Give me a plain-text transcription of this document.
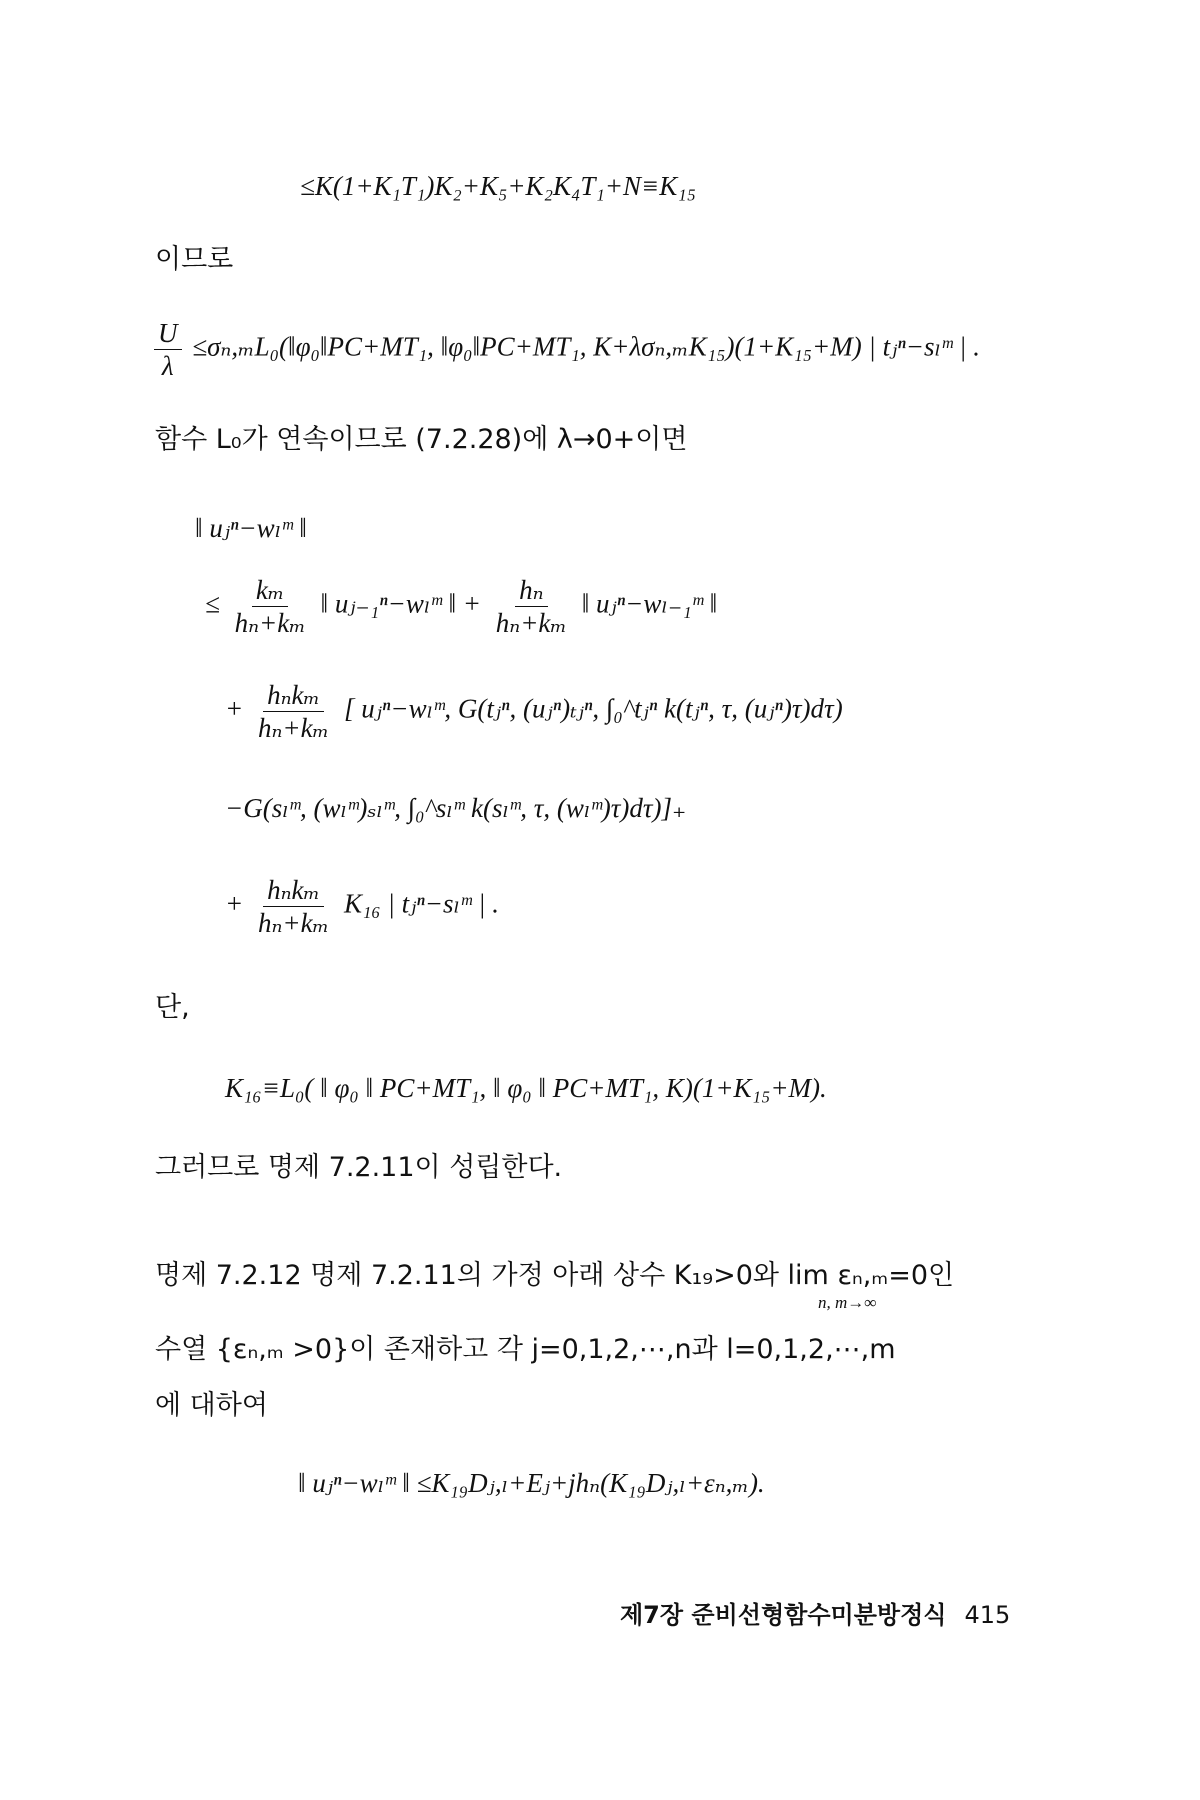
≤K(1+K₁T₁)K₂+K₅+K₂K₄T₁+N≡K₁₅
이므로
$\frac{U}{\lambda}$ ≤σₙ,ₘL₀(‖φ₀‖PC+MT₁, ‖φ₀‖PC+MT₁, K+λσₙ,ₘK₁₅)(1+K₁₅+M) | tⱼⁿ−sₗᵐ | .
함수 L₀가 연속이므로 (7.2.28)에 λ→0+이면
‖ uⱼⁿ−wₗᵐ ‖
≤ $\frac{\text{kₘ}}{\text{hₙ+kₘ}}$ ‖ uⱼ₋₁ⁿ−wₗᵐ ‖ + $\frac{\text{hₙ}}{\text{hₙ+kₘ}}$ ‖ uⱼⁿ−wₗ₋₁ᵐ ‖
+ $\frac{\text{hₙkₘ}}{\text{hₙ+kₘ}}$ [ uⱼⁿ−wₗᵐ, G(tⱼⁿ, (uⱼⁿ)ₜⱼⁿ, ∫₀^tⱼⁿ k(tⱼⁿ, τ, (uⱼⁿ)τ)dτ)
−G(sₗᵐ, (wₗᵐ)ₛₗᵐ, ∫₀^sₗᵐ k(sₗᵐ, τ, (wₗᵐ)τ)dτ)]₊
+ $\frac{\text{hₙkₘ}}{\text{hₙ+kₘ}} K_{16}$ | tⱼⁿ−sₗᵐ | .
단,
K₁₆≡L₀( ‖ φ₀ ‖ PC+MT₁, ‖ φ₀ ‖ PC+MT₁, K)(1+K₁₅+M).
그러므로 명제 7.2.11이 성립한다.
명제 7.2.12 명제 7.2.11의 가정 아래 상수 K₁₉>0와 lim εₙ,ₘ=0인
n, m→∞
수열 {εₙ,ₘ >0}이 존재하고 각 j=0,1,2,⋯,n과 l=0,1,2,⋯,m
에 대하여
‖ uⱼⁿ−wₗᵐ ‖ ≤K₁₉Dⱼ,ₗ+Eⱼ+jhₙ(K₁₉Dⱼ,ₗ+εₙ,ₘ).
제7장 준비선형함수미분방정식 415
